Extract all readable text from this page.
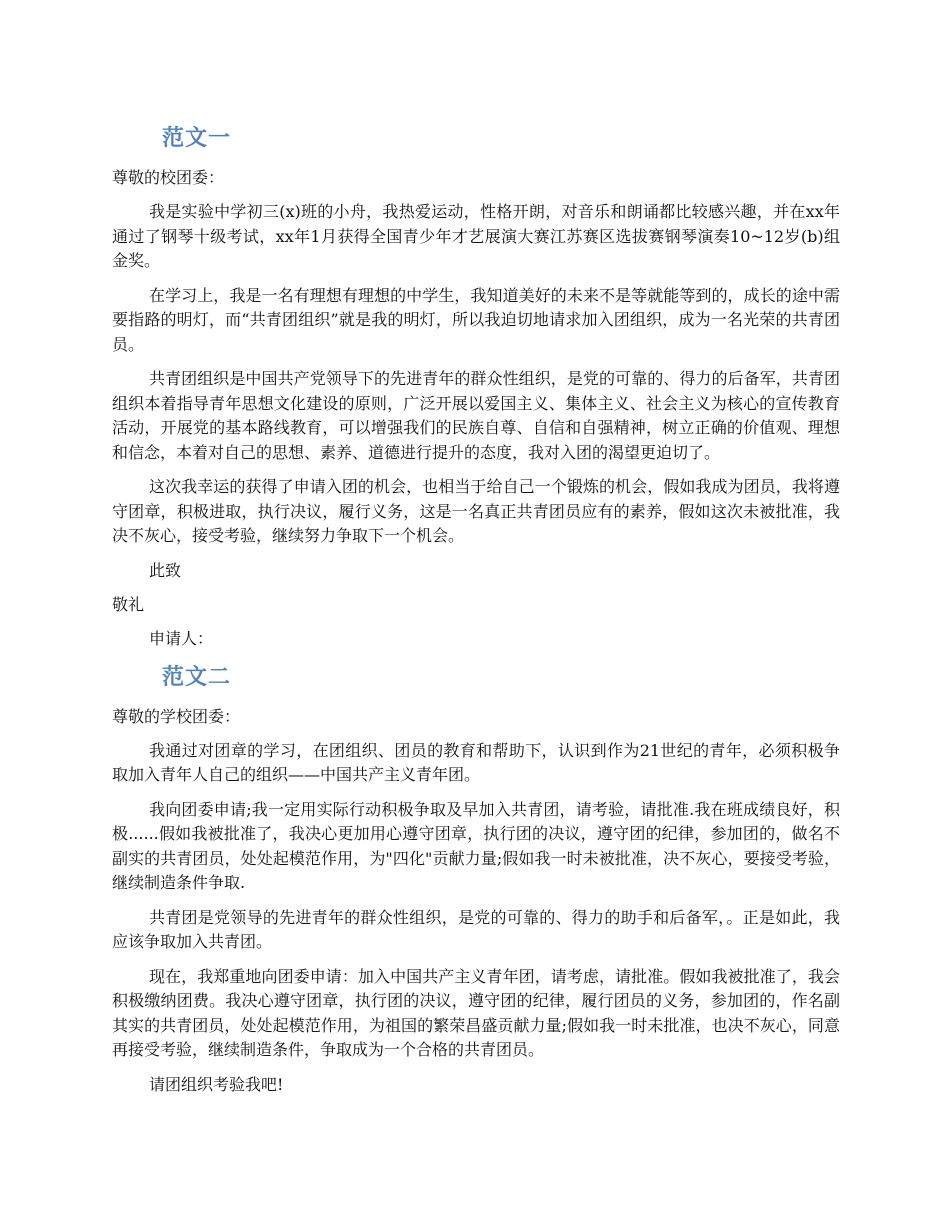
范文一
尊敬的校团委：

我是实验中学初三(x)班的小舟，我热爱运动，性格开朗，对音乐和朗诵都比较感兴趣，并在xx年通过了钢琴十级考试，xx年1月获得全国青少年才艺展演大赛江苏赛区选拔赛钢琴演奏10~12岁(b)组金奖。

在学习上，我是一名有理想有理想的中学生，我知道美好的未来不是等就能等到的，成长的途中需要指路的明灯，而“共青团组织”就是我的明灯，所以我迫切地请求加入团组织，成为一名光荣的共青团员。

共青团组织是中国共产党领导下的先进青年的群众性组织，是党的可靠的、得力的后备军，共青团组织本着指导青年思想文化建设的原则，广泛开展以爱国主义、集体主义、社会主义为核心的宣传教育活动，开展党的基本路线教育，可以增强我们的民族自尊、自信和自强精神，树立正确的价值观、理想和信念，本着对自己的思想、素养、道德进行提升的态度，我对入团的渴望更迫切了。

这次我幸运的获得了申请入团的机会，也相当于给自己一个锻炼的机会，假如我成为团员，我将遵守团章，积极进取，执行决议，履行义务，这是一名真正共青团员应有的素养，假如这次未被批准，我决不灰心，接受考验，继续努力争取下一个机会。

此致
敬礼
申请人：
范文二
尊敬的学校团委：

我通过对团章的学习，在团组织、团员的教育和帮助下，认识到作为21世纪的青年，必须积极争取加入青年人自己的组织——中国共产主义青年团。

我向团委申请;我一定用实际行动积极争取及早加入共青团，请考验，请批准.我在班成绩良好，积极......假如我被批准了，我决心更加用心遵守团章，执行团的决议，遵守团的纪律，参加团的，做名不副实的共青团员，处处起模范作用，为"四化"贡献力量;假如我一时未被批准，决不灰心，要接受考验，继续制造条件争取.

共青团是党领导的先进青年的群众性组织，是党的可靠的、得力的助手和后备军，。正是如此，我应该争取加入共青团。

现在，我郑重地向团委申请：加入中国共产主义青年团，请考虑，请批准。假如我被批准了，我会积极缴纳团费。我决心遵守团章，执行团的决议，遵守团的纪律，履行团员的义务，参加团的，作名副其实的共青团员，处处起模范作用，为祖国的繁荣昌盛贡献力量;假如我一时未批准，也决不灰心，同意再接受考验，继续制造条件，争取成为一个合格的共青团员。

请团组织考验我吧!
